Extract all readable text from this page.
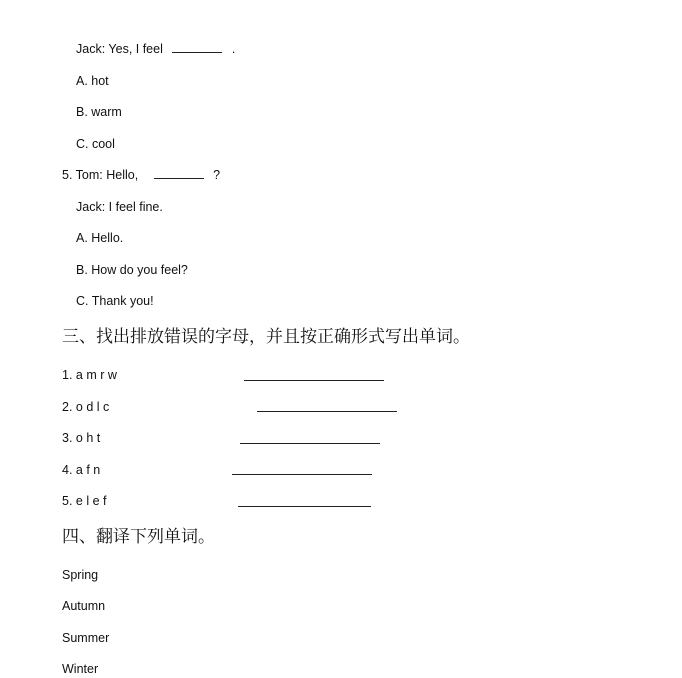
Jack: Yes, I feel	.
A. hot
B. warm
C. cool
5. Tom: Hello,	?
Jack: I feel fine.
A. Hello.
B. How do you feel?
C. Thank you!
三、找出排放错误的字母，并且按正确形式写出单词。
1. a m r w
2. o d l c
3. o h t
4. a f n
5. e l e f
四、翻译下列单词。
Spring
Autumn
Summer
Winter
